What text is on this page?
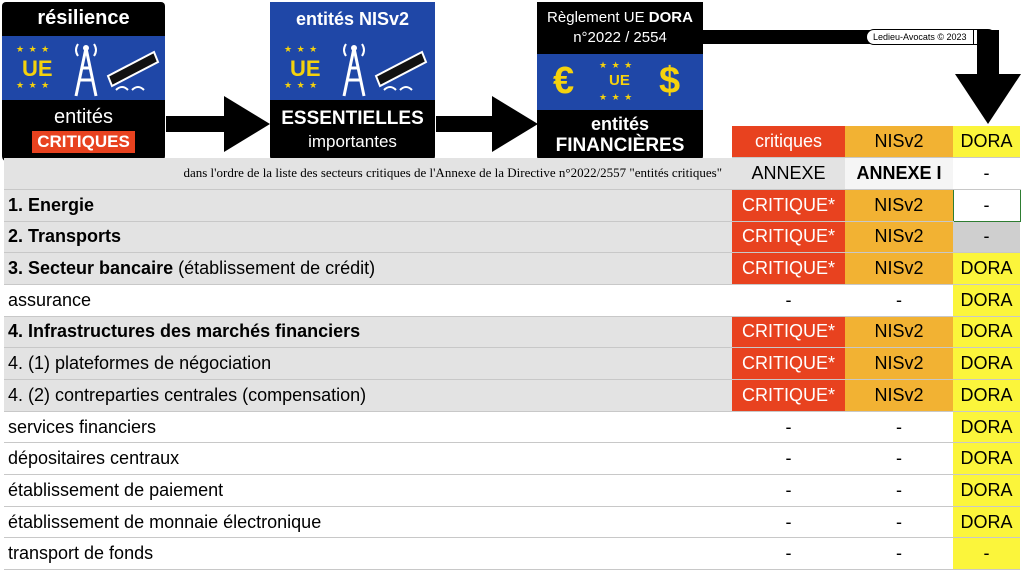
résilience
★ ★ ★
★ ★ ★
UE
entités
CRITIQUES
entités NISv2
★ ★ ★
★ ★ ★
UE
ESSENTIELLES
importantes
Règlement UE DORA
n°2022 / 2554
€	★ ★ ★
★ ★ ★
UE $
entités
FINANCIÈRES
Ledieu-Avocats © 2023
	critiques	NISv2	DORA
dans l'ordre de la liste des secteurs critiques de l'Annexe de la Directive n°2022/2557 "entités critiques"	ANNEXE	ANNEXE I	-
1. Energie	CRITIQUE*	NISv2	-
2. Transports	CRITIQUE*	NISv2	-
3. Secteur bancaire (établissement de crédit)	CRITIQUE*	NISv2	DORA
assurance	-	-	DORA
4. Infrastructures des marchés financiers	CRITIQUE*	NISv2	DORA
4. (1) plateformes de négociation	CRITIQUE*	NISv2	DORA
4. (2) contreparties centrales (compensation)	CRITIQUE*	NISv2	DORA
services financiers	-	-	DORA
dépositaires centraux	-	-	DORA
établissement de paiement	-	-	DORA
établissement de monnaie électronique	-	-	DORA
transport de fonds	-	-	-
